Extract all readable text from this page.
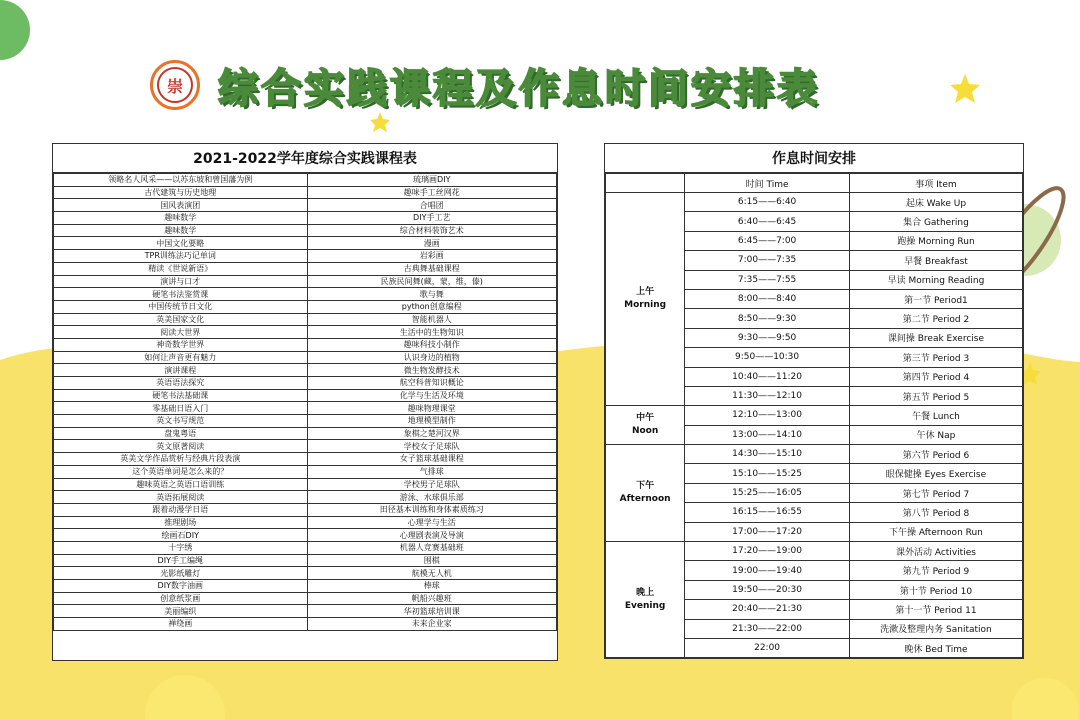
崇 综合实践课程及作息时间安排表
2021-2022学年度综合实践课程表
领略名人风采——以苏东坡和曾国藩为例	琉璃画DIY
古代建筑与历史地理	趣味手工丝网花
国风表演团	合唱团
趣味数学	DIY手工艺
趣味数学	综合材料装饰艺术
中国文化要略	漫画
TPR训练法巧记单词	岩彩画
精读《世说新语》	古典舞基础课程
演讲与口才	民族民间舞(藏，蒙，维，傣)
硬笔书法鉴赏课	歌与舞
中国传统节日文化	python创意编程
英美国家文化	智能机器人
阅读大世界	生活中的生物知识
神奇数学世界	趣味科技小制作
如何让声音更有魅力	认识身边的植物
演讲课程	微生物发酵技术
英语语法探究	航空科普知识概论
硬笔书法基础课	化学与生活及环境
零基础日语入门	趣味物理课堂
英文书写规范	地理模型制作
盘鬼粤语	象棋之楚河汉界
英文原著阅读	学校女子足球队
英美文学作品赏析与经典片段表演	女子篮球基础课程
这个英语单词是怎么来的？	气排球
趣味英语之英语口语训练	学校男子足球队
英语拓展阅读	游泳、水球俱乐部
跟着动漫学日语	田径基本训练和身体素质练习
推理剧场	心理学与生活
绘画石DIY	心理剧表演及导演
十字绣	机器人竞赛基础班
DIY手工编绳	围棋
光影纸雕灯	航模无人机
DIY数字油画	棒球
创意纸浆画	帆船兴趣班
美丽编织	华初篮球培训课
禅绕画	未来企业家
作息时间安排
	时间 Time	事项 Item

上午
Morning	6:15——6:40	起床 Wake Up
	6:40——6:45	集合 Gathering
	6:45——7:00	跑操 Morning Run
	7:00——7:35	早餐 Breakfast
	7:35——7:55	早读 Morning Reading
	8:00——8:40	第一节 Period1
	8:50——9:30	第二节 Period 2
	9:30——9:50	课间操 Break Exercise
	9:50——10:30	第三节 Period 3
	10:40——11:20	第四节 Period 4
	11:30——12:10	第五节 Period 5

中午
Noon	12:10——13:00	午餐 Lunch
	13:00——14:10	午休 Nap

下午
Afternoon	14:30——15:10	第六节 Period 6
	15:10——15:25	眼保健操 Eyes Exercise
	15:25——16:05	第七节 Period 7
	16:15——16:55	第八节 Period 8
	17:00——17:20	下午操 Afternoon Run

晚上
Evening	17:20——19:00	课外活动 Activities
	19:00——19:40	第九节 Period 9
	19:50——20:30	第十节 Period 10
	20:40——21:30	第十一节 Period 11
	21:30——22:00	洗漱及整理内务 Sanitation
	22:00	晚休 Bed Time
